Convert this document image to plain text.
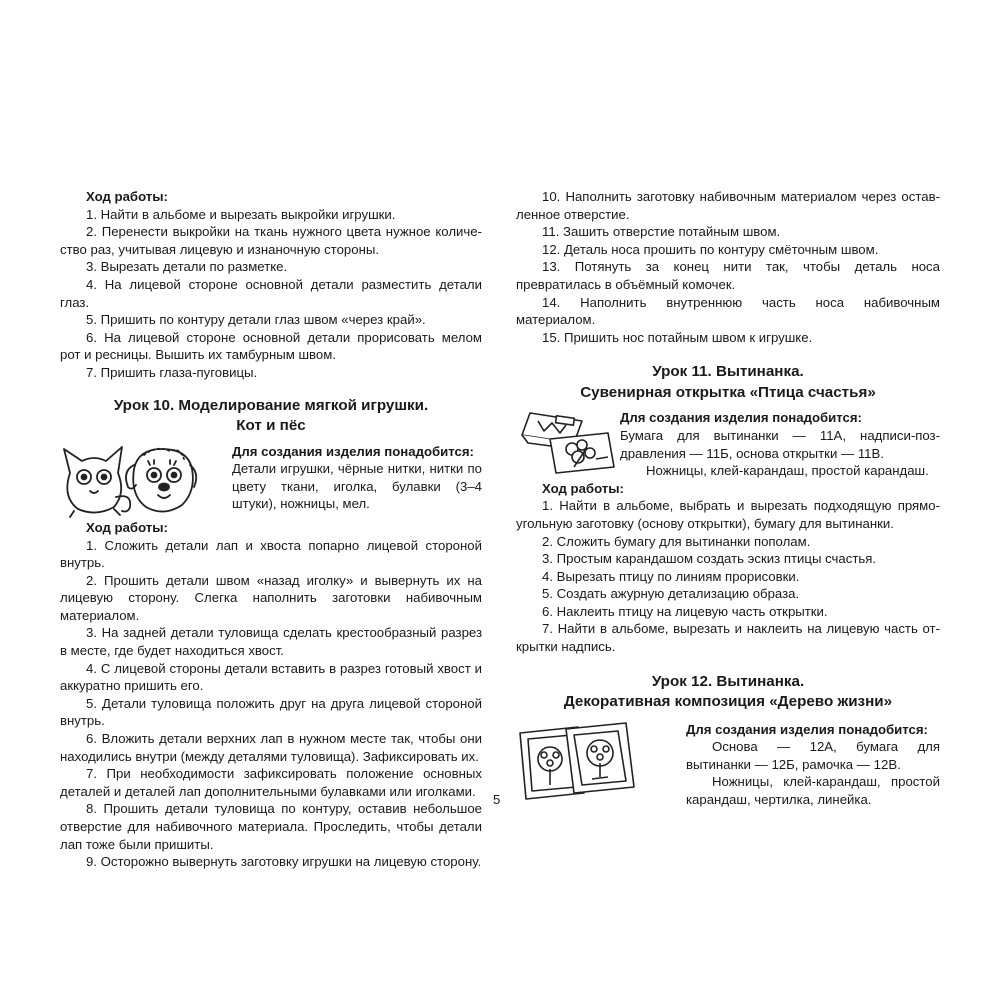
Ход работы:

1. Найти в альбоме и вырезать выкройки игрушки.

2. Перенести выкройки на ткань нужного цвета нужное количество раз, учитывая лицевую и изнаночную стороны.

3. Вырезать детали по разметке.

4. На лицевой стороне основной детали разместить детали глаз.

5. Пришить по контуру детали глаз швом «через край».

6. На лицевой стороне основной детали прорисовать мелом рот и ресницы. Вышить их тамбурным швом.

7. Пришить глаза-пуговицы.

Урок 10. Моделирование мягкой игрушки.

Кот и пёс

Для создания изделия понадобится:

Детали игрушки, чёрные нитки, нитки по цвету ткани, иголка, булавки (3–4 штуки), ножницы, мел.

Ход работы:

1. Сложить детали лап и хвоста попарно лицевой стороной внутрь.

2. Прошить детали швом «назад иголку» и вывернуть их на лицевую сторону. Слегка наполнить заготовки набивочным материалом.

3. На задней детали туловища сделать крестообразный разрез в месте, где будет находиться хвост.

4. С лицевой стороны детали вставить в разрез готовый хвост и аккуратно пришить его.

5. Детали туловища положить друг на друга лицевой стороной внутрь.

6. Вложить детали верхних лап в нужном месте так, чтобы они находились внутри (между деталями туловища). Зафиксировать их.

7. При необходимости зафиксировать положение основных деталей и деталей лап дополнительными булавками или иголками.

8. Прошить детали туловища по контуру, оставив небольшое отверстие для набивочного материала. Проследить, чтобы детали лап тоже были пришиты.

9. Осторожно вывернуть заготовку игрушки на лицевую сторону.

10. Наполнить заготовку набивочным материалом через оставленное отверстие.

11. Зашить отверстие потайным швом.

12. Деталь носа прошить по контуру смёточным швом.

13. Потянуть за конец нити так, чтобы деталь носа превратилась в объёмный комочек.

14. Наполнить внутреннюю часть носа набивочным материалом.

15. Пришить нос потайным швом к игрушке.

Урок 11. Вытинанка.

Сувенирная открытка «Птица счастья»

Для создания изделия понадобится:

Бумага для вытинанки — 11А, надписи-поздравления — 11Б, основа открытки — 11В.

Ножницы, клей-карандаш, простой карандаш.

Ход работы:

1. Найти в альбоме, выбрать и вырезать подходящую прямоугольную заготовку (основу открытки), бумагу для вытинанки.

2. Сложить бумагу для вытинанки пополам.

3. Простым карандашом создать эскиз птицы счастья.

4. Вырезать птицу по линиям прорисовки.

5. Создать ажурную детализацию образа.

6. Наклеить птицу на лицевую часть открытки.

7. Найти в альбоме, вырезать и наклеить на лицевую часть открытки надпись.

Урок 12. Вытинанка.

Декоративная композиция «Дерево жизни»

Для создания изделия понадобится:

Основа — 12А, бумага для вытинанки — 12Б, рамочка — 12В.

Ножницы, клей-карандаш, простой карандаш, чертилка, линейка.

5
